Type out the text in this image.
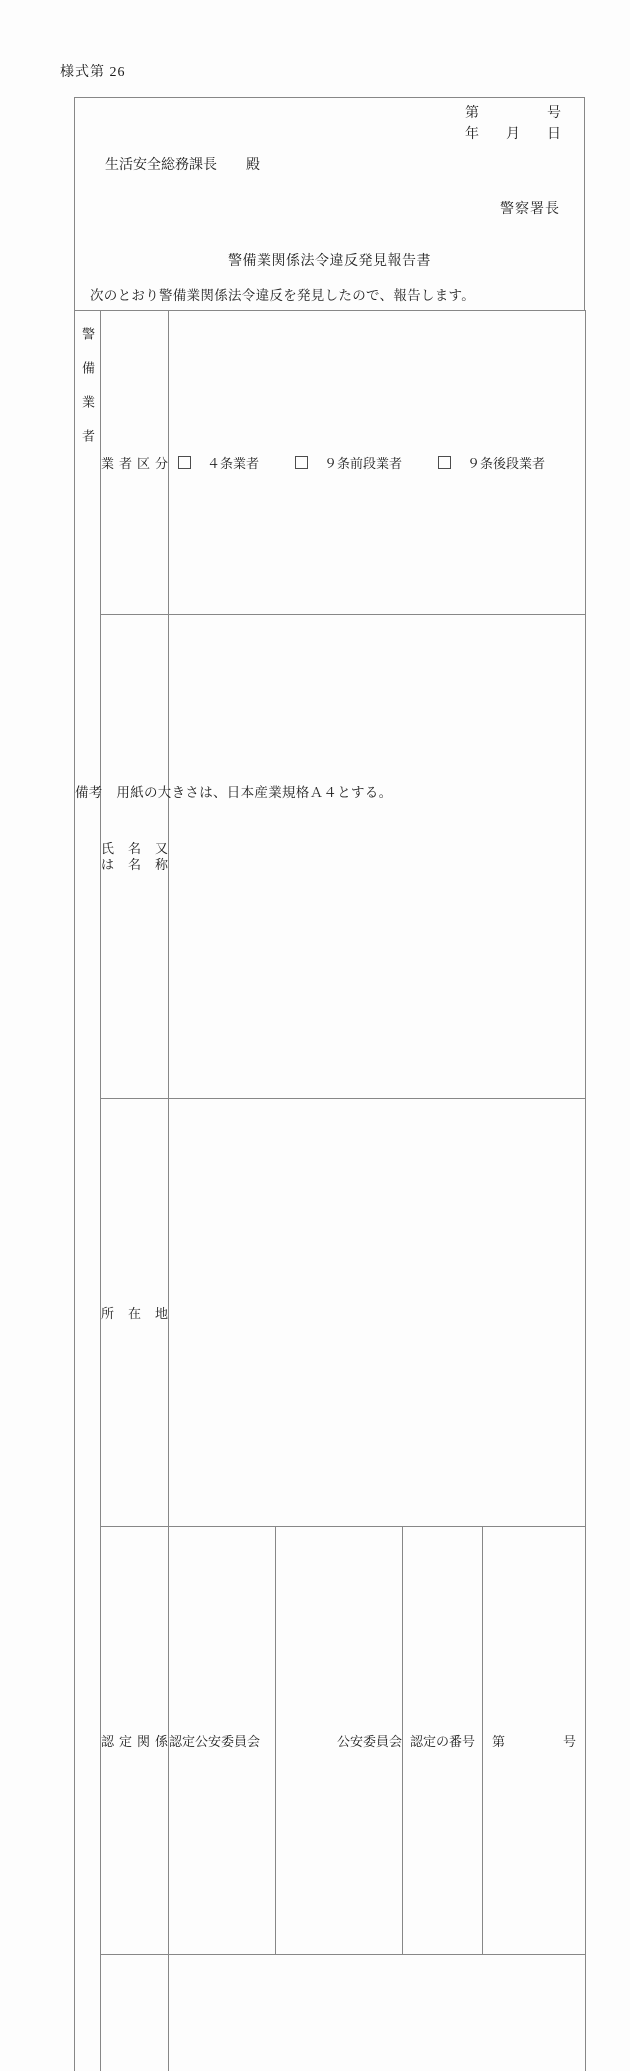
様式第 26
第	号
年 月 日
生活安全総務課長 殿
警察署長
警備業関係法令違反発見報告書
次のとおり警備業関係法令違反を発見したので、報告します。
警備業者	業者区分	４条業者 ９条前段業者 ９条後段業者			

	氏名又
は名称				

	所在地				
	認定関係	認定公安委員会	公安委員会	認定の番号	第 号

備考　用紙の大きさは、日本産業規格Ａ４とする。
